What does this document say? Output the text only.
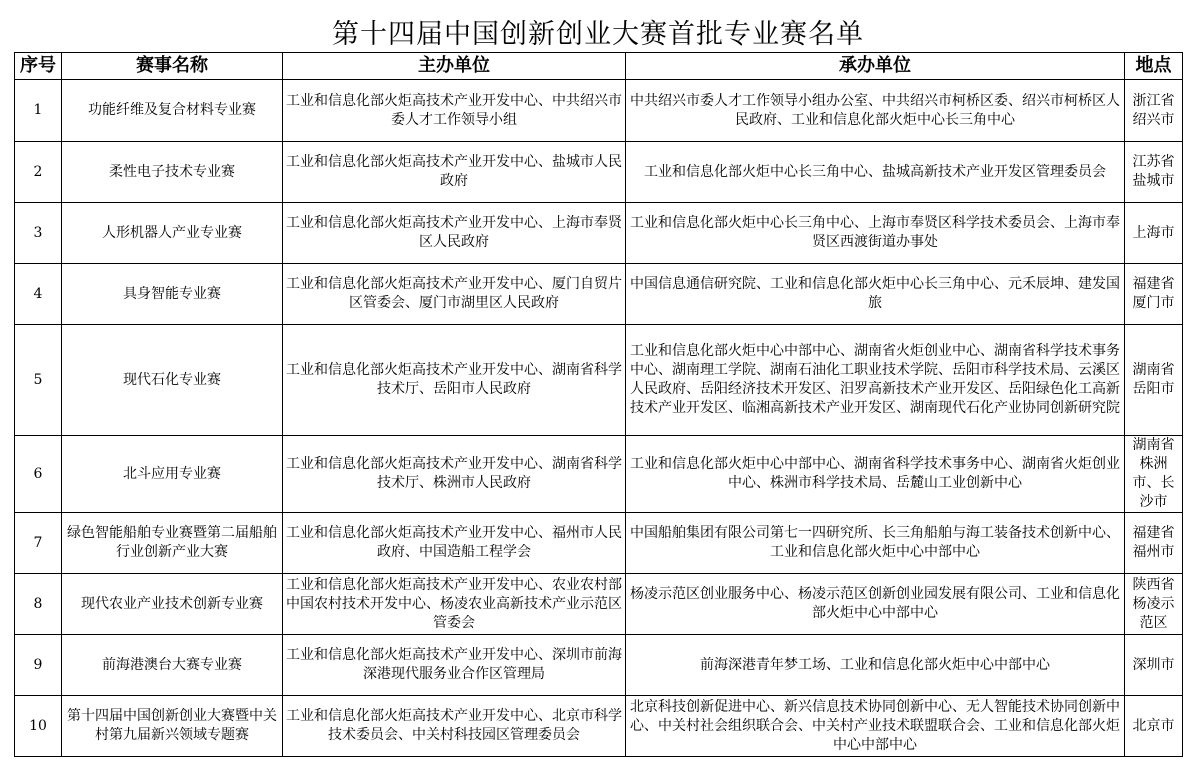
第十四届中国创新创业大赛首批专业赛名单
序号	赛事名称	主办单位	承办单位	地点
1	功能纤维及复合材料专业赛	工业和信息化部火炬高技术产业开发中心、中共绍兴市委人才工作领导小组	中共绍兴市委人才工作领导小组办公室、中共绍兴市柯桥区委、绍兴市柯桥区人民政府、工业和信息化部火炬中心长三角中心	浙江省绍兴市
2	柔性电子技术专业赛	工业和信息化部火炬高技术产业开发中心、盐城市人民政府	工业和信息化部火炬中心长三角中心、盐城高新技术产业开发区管理委员会	江苏省盐城市
3	人形机器人产业专业赛	工业和信息化部火炬高技术产业开发中心、上海市奉贤区人民政府	工业和信息化部火炬中心长三角中心、上海市奉贤区科学技术委员会、上海市奉贤区西渡街道办事处	上海市
4	具身智能专业赛	工业和信息化部火炬高技术产业开发中心、厦门自贸片区管委会、厦门市湖里区人民政府	中国信息通信研究院、工业和信息化部火炬中心长三角中心、元禾辰坤、建发国旅	福建省厦门市
5	现代石化专业赛	工业和信息化部火炬高技术产业开发中心、湖南省科学技术厅、岳阳市人民政府	工业和信息化部火炬中心中部中心、湖南省火炬创业中心、湖南省科学技术事务中心、湖南理工学院、湖南石油化工职业技术学院、岳阳市科学技术局、云溪区人民政府、岳阳经济技术开发区、汨罗高新技术产业开发区、岳阳绿色化工高新技术产业开发区、临湘高新技术产业开发区、湖南现代石化产业协同创新研究院	湖南省岳阳市
6	北斗应用专业赛	工业和信息化部火炬高技术产业开发中心、湖南省科学技术厅、株洲市人民政府	工业和信息化部火炬中心中部中心、湖南省科学技术事务中心、湖南省火炬创业中心、株洲市科学技术局、岳麓山工业创新中心	湖南省株洲市、长沙市
7	绿色智能船舶专业赛暨第二届船舶行业创新产业大赛	工业和信息化部火炬高技术产业开发中心、福州市人民政府、中国造船工程学会	中国船舶集团有限公司第七一四研究所、长三角船舶与海工装备技术创新中心、工业和信息化部火炬中心中部中心	福建省福州市
8	现代农业产业技术创新专业赛	工业和信息化部火炬高技术产业开发中心、农业农村部中国农村技术开发中心、杨凌农业高新技术产业示范区管委会	杨凌示范区创业服务中心、杨凌示范区创新创业园发展有限公司、工业和信息化部火炬中心中部中心	陕西省杨凌示范区
9	前海港澳台大赛专业赛	工业和信息化部火炬高技术产业开发中心、深圳市前海深港现代服务业合作区管理局	前海深港青年梦工场、工业和信息化部火炬中心中部中心	深圳市
10	第十四届中国创新创业大赛暨中关村第九届新兴领域专题赛	工业和信息化部火炬高技术产业开发中心、北京市科学技术委员会、中关村科技园区管理委员会	北京科技创新促进中心、新兴信息技术协同创新中心、无人智能技术协同创新中心、中关村社会组织联合会、中关村产业技术联盟联合会、工业和信息化部火炬中心中部中心	北京市
